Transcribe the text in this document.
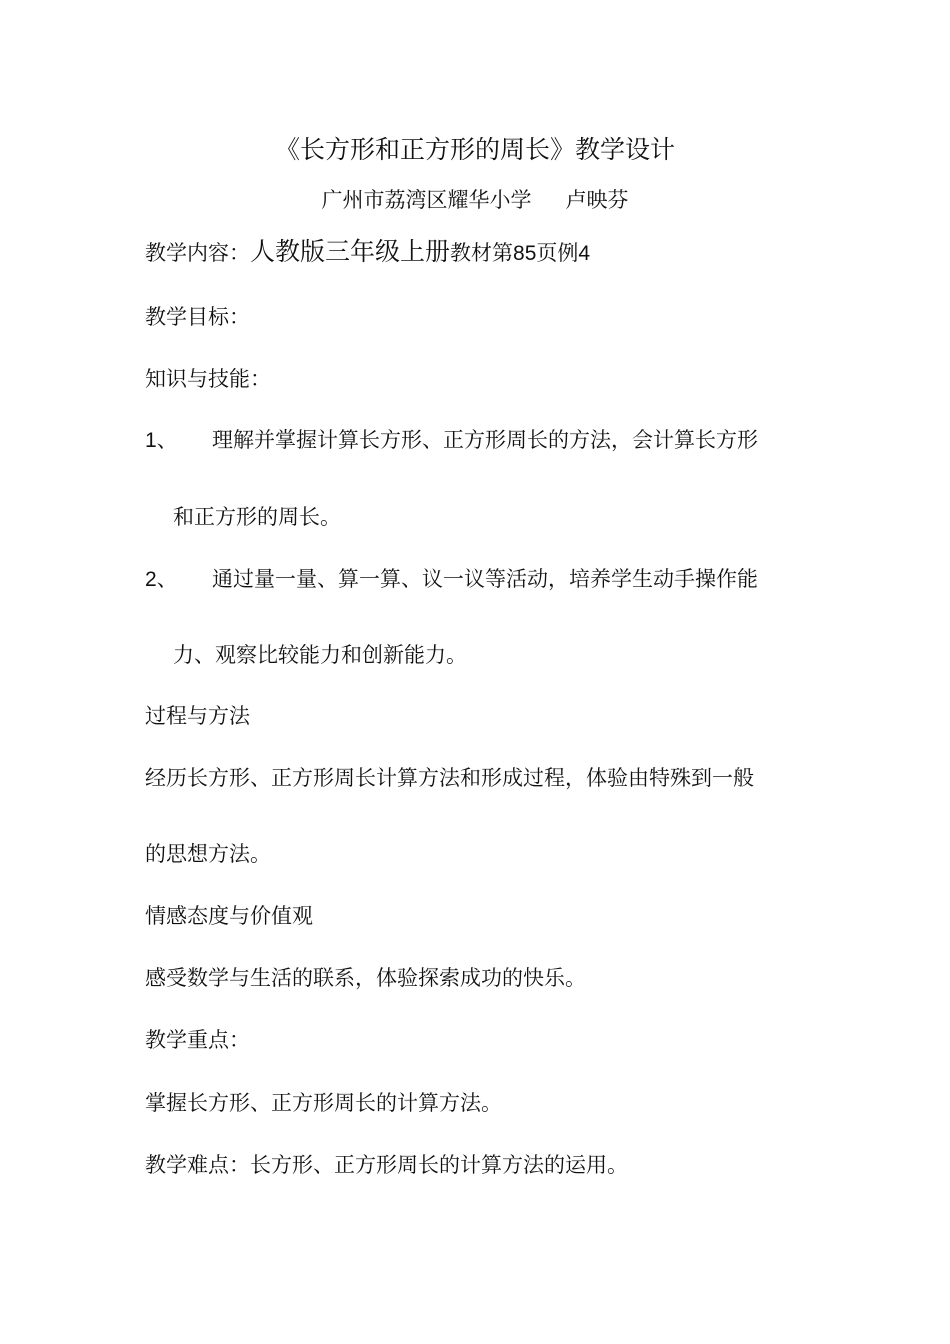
《长方形和正方形的周长》教学设计
广州市荔湾区耀华小学 卢映芬
教学内容：人教版三年级上册教材第85页例4
教学目标：
知识与技能：
1、 理解并掌握计算长方形、正方形周长的方法，会计算长方形
和正方形的周长。
2、 通过量一量、算一算、议一议等活动，培养学生动手操作能
力、观察比较能力和创新能力。
过程与方法
经历长方形、正方形周长计算方法和形成过程，体验由特殊到一般
的思想方法。
情感态度与价值观
感受数学与生活的联系，体验探索成功的快乐。
教学重点：
掌握长方形、正方形周长的计算方法。
教学难点：长方形、正方形周长的计算方法的运用。
